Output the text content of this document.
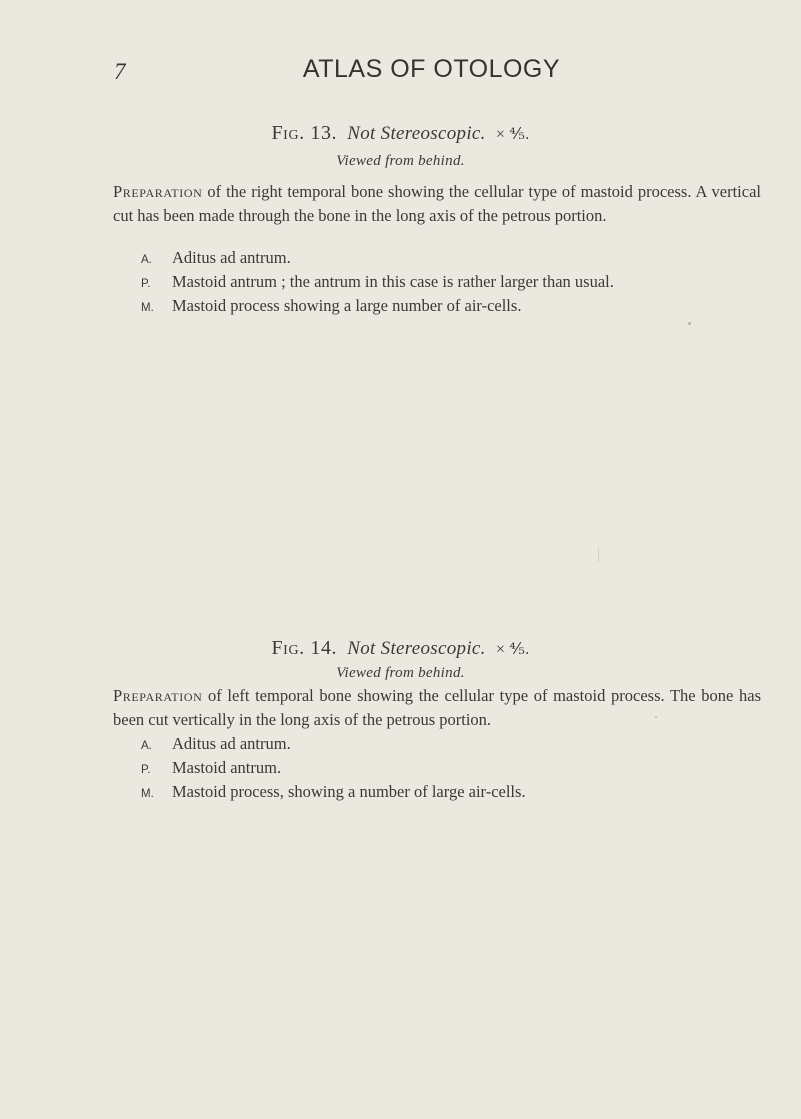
7	ATLAS OF OTOLOGY
Fig. 13. Not Stereoscopic. × ⅘.
Viewed from behind.
Preparation of the right temporal bone showing the cellular type of mastoid process. A vertical cut has been made through the bone in the long axis of the petrous portion.
A.	Aditus ad antrum.
P.	Mastoid antrum ; the antrum in this case is rather larger than usual.
M.	Mastoid process showing a large number of air-cells.
Fig. 14. Not Stereoscopic. × ⅘.
Viewed from behind.
Preparation of left temporal bone showing the cellular type of mastoid process. The bone has been cut vertically in the long axis of the petrous portion.
A.	Aditus ad antrum.
P.	Mastoid antrum.
M.	Mastoid process, showing a number of large air-cells.
